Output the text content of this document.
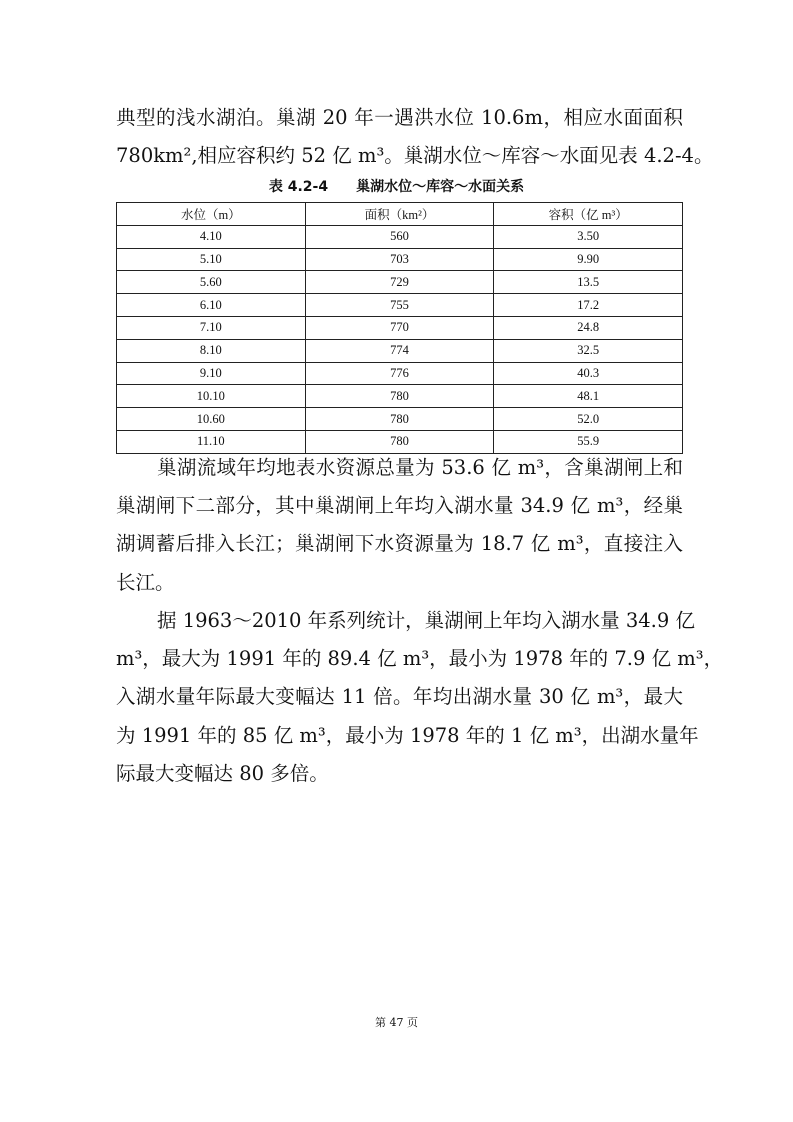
典型的浅水湖泊。巢湖 20 年一遇洪水位 10.6m，相应水面面积
780km²,相应容积约 52 亿 m³。巢湖水位～库容～水面见表 4.2-4。
表 4.2-4　　巢湖水位～库容～水面关系
水位（m）	面积（km²）	容积（亿 m³）
4.10	560	3.50
5.10	703	9.90
5.60	729	13.5
6.10	755	17.2
7.10	770	24.8
8.10	774	32.5
9.10	776	40.3
10.10	780	48.1
10.60	780	52.0
11.10	780	55.9
巢湖流域年均地表水资源总量为 53.6 亿 m³，含巢湖闸上和
巢湖闸下二部分，其中巢湖闸上年均入湖水量 34.9 亿 m³，经巢
湖调蓄后排入长江；巢湖闸下水资源量为 18.7 亿 m³，直接注入
长江。
据 1963～2010 年系列统计，巢湖闸上年均入湖水量 34.9 亿
m³，最大为 1991 年的 89.4 亿 m³，最小为 1978 年的 7.9 亿 m³，
入湖水量年际最大变幅达 11 倍。年均出湖水量 30 亿 m³，最大
为 1991 年的 85 亿 m³，最小为 1978 年的 1 亿 m³，出湖水量年
际最大变幅达 80 多倍。
第 47 页
